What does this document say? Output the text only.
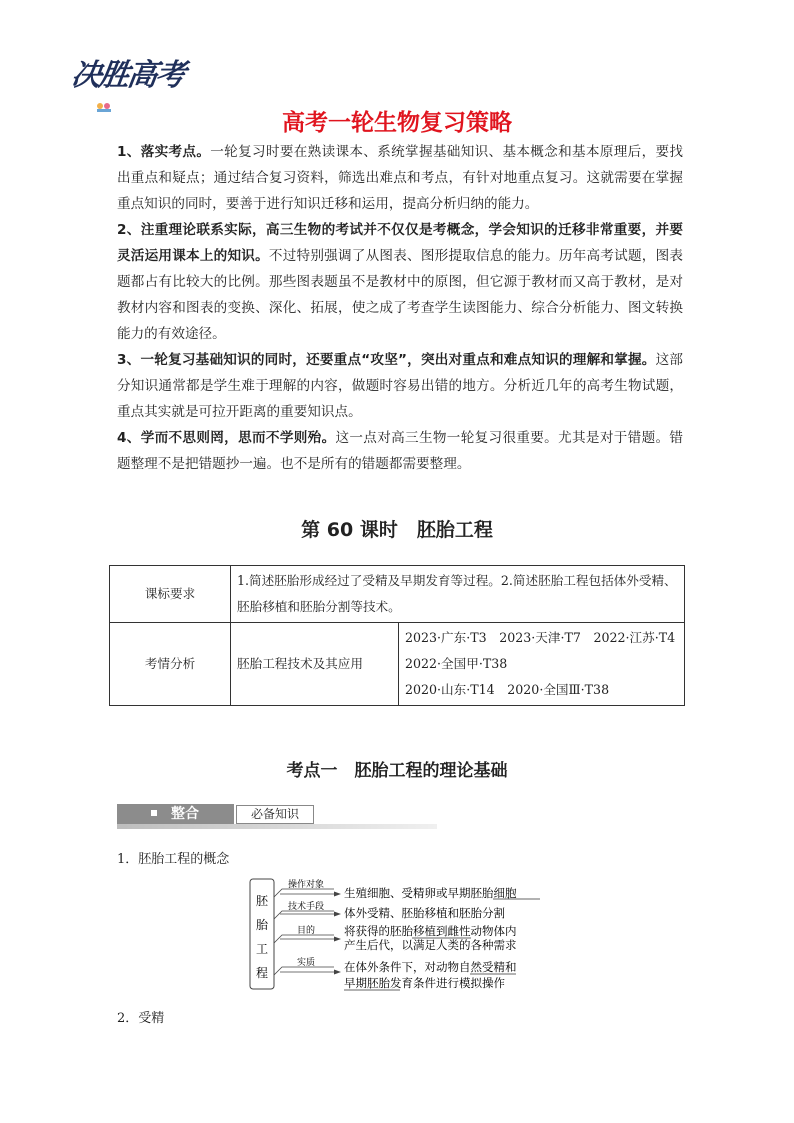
决胜高考
高考一轮生物复习策略

1、落实考点。一轮复习时要在熟读课本、系统掌握基础知识、基本概念和基本原理后，要找出重点和疑点；通过结合复习资料，筛选出难点和考点，有针对地重点复习。这就需要在掌握重点知识的同时，要善于进行知识迁移和运用，提高分析归纳的能力。

2、注重理论联系实际，高三生物的考试并不仅仅是考概念，学会知识的迁移非常重要，并要灵活运用课本上的知识。不过特别强调了从图表、图形提取信息的能力。历年高考试题，图表题都占有比较大的比例。那些图表题虽不是教材中的原图，但它源于教材而又高于教材，是对教材内容和图表的变换、深化、拓展，使之成了考查学生读图能力、综合分析能力、图文转换能力的有效途径。

3、一轮复习基础知识的同时，还要重点“攻坚”，突出对重点和难点知识的理解和掌握。这部分知识通常都是学生难于理解的内容，做题时容易出错的地方。分析近几年的高考生物试题，重点其实就是可拉开距离的重要知识点。

4、学而不思则罔，思而不学则殆。这一点对高三生物一轮复习很重要。尤其是对于错题。错题整理不是把错题抄一遍。也不是所有的错题都需要整理。

第 60 课时　胚胎工程
课标要求	1.简述胚胎形成经过了受精及早期发育等过程。2.简述胚胎工程包括体外受精、胚胎移植和胚胎分割等技术。	
考情分析	胚胎工程技术及其应用	2023·广东·T3　2023·天津·T7　2022·江苏·T4
2022·全国甲·T38
2020·山东·T14　2020·全国Ⅲ·T38
考点一　胚胎工程的理论基础
整合	必备知识
1．胚胎工程的概念
胚
胎
工
程
操作对象
技术手段
目的
实质
生殖细胞、受精卵或早期胚胎细胞
体外受精、胚胎移植和胚胎分割
将获得的胚胎移植到雌性动物体内
产生后代，以满足人类的各种需求
在体外条件下，对动物自然受精和
早期胚胎发育条件进行模拟操作
2．受精
